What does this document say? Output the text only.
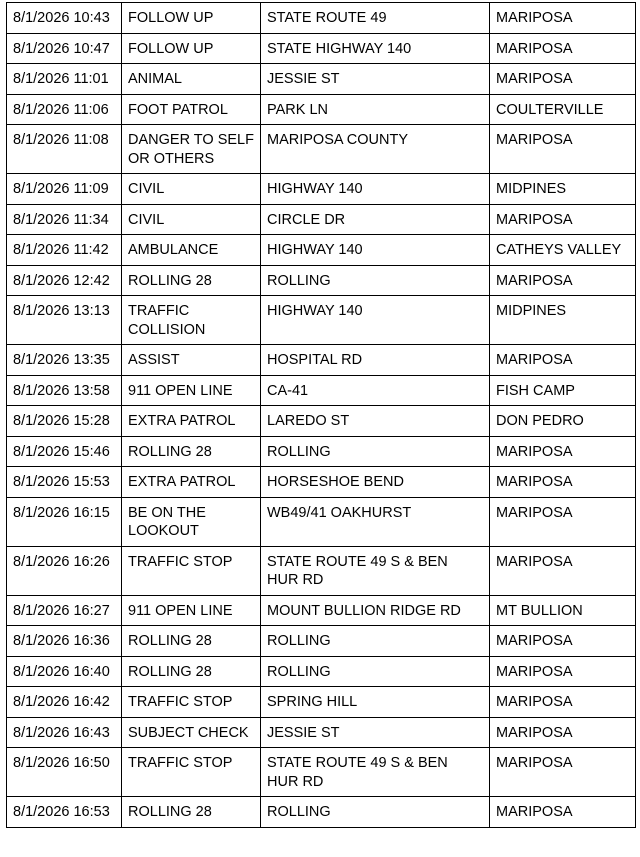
8/1/2026 10:43	FOLLOW UP	STATE ROUTE 49	MARIPOSA
8/1/2026 10:47	FOLLOW UP	STATE HIGHWAY 140	MARIPOSA
8/1/2026 11:01	ANIMAL	JESSIE ST	MARIPOSA
8/1/2026 11:06	FOOT PATROL	PARK LN	COULTERVILLE
8/1/2026 11:08	DANGER TO SELF OR OTHERS	MARIPOSA COUNTY	MARIPOSA
8/1/2026 11:09	CIVIL	HIGHWAY 140	MIDPINES
8/1/2026 11:34	CIVIL	CIRCLE DR	MARIPOSA
8/1/2026 11:42	AMBULANCE	HIGHWAY 140	CATHEYS VALLEY
8/1/2026 12:42	ROLLING 28	ROLLING	MARIPOSA
8/1/2026 13:13	TRAFFIC COLLISION	HIGHWAY 140	MIDPINES
8/1/2026 13:35	ASSIST	HOSPITAL RD	MARIPOSA
8/1/2026 13:58	911 OPEN LINE	CA-41	FISH CAMP
8/1/2026 15:28	EXTRA PATROL	LAREDO ST	DON PEDRO
8/1/2026 15:46	ROLLING 28	ROLLING	MARIPOSA
8/1/2026 15:53	EXTRA PATROL	HORSESHOE BEND	MARIPOSA
8/1/2026 16:15	BE ON THE LOOKOUT	WB49/41 OAKHURST	MARIPOSA
8/1/2026 16:26	TRAFFIC STOP	STATE ROUTE 49 S & BEN HUR RD	MARIPOSA
8/1/2026 16:27	911 OPEN LINE	MOUNT BULLION RIDGE RD	MT BULLION
8/1/2026 16:36	ROLLING 28	ROLLING	MARIPOSA
8/1/2026 16:40	ROLLING 28	ROLLING	MARIPOSA
8/1/2026 16:42	TRAFFIC STOP	SPRING HILL	MARIPOSA
8/1/2026 16:43	SUBJECT CHECK	JESSIE ST	MARIPOSA
8/1/2026 16:50	TRAFFIC STOP	STATE ROUTE 49 S & BEN HUR RD	MARIPOSA
8/1/2026 16:53	ROLLING 28	ROLLING	MARIPOSA
